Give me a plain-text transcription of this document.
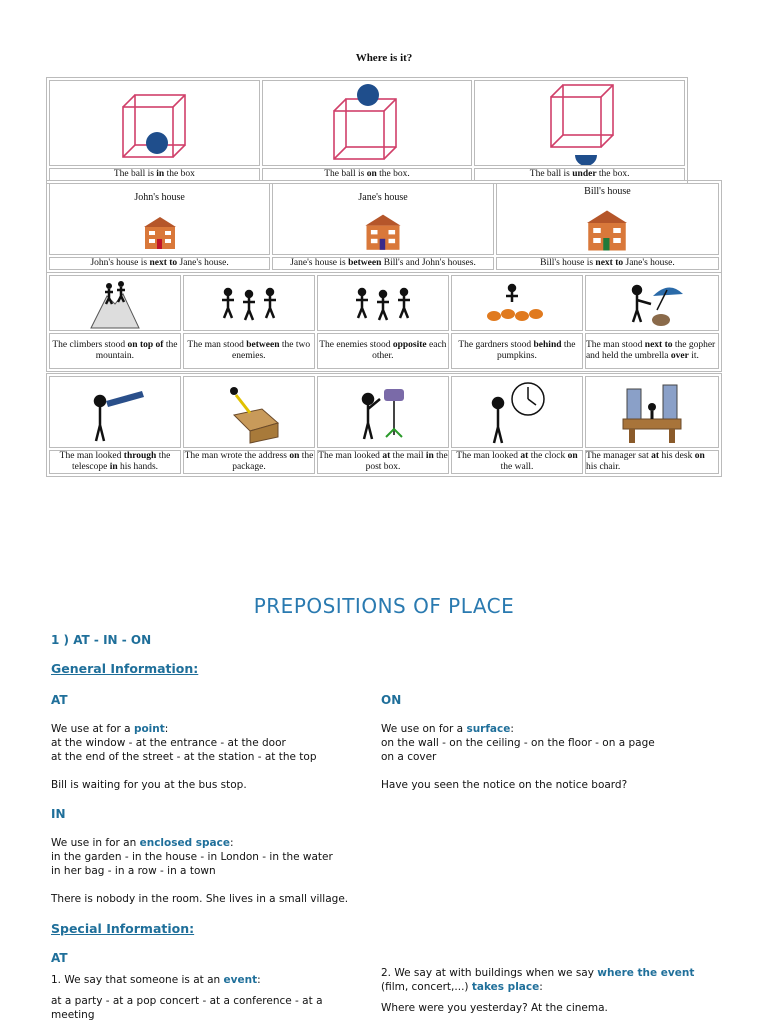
Where is it?

The ball is in the box	The ball is on the box.	The ball is under the box.
John's house	Jane's house	Bill's house

John's house is next to Jane's house.	Jane's house is between Bill's and John's houses.	Bill's house is next to Jane's house.

The climbers stood on top of the mountain.	The man stood between the two enemies.	The enemies stood opposite each other.	The gardners stood behind the pumpkins.	The man stood next to the gopher and held the umbrella over it.

The man looked through the telescope in his hands.	The man wrote the address on the package.	The man looked at the mail in the post box.	The man looked at the clock on the wall.	The manager sat at his desk on his chair.
PREPOSITIONS OF PLACE
1 ) AT - IN - ON
General Information:
AT
We use at for a point:
at the window - at the entrance - at the door
at the end of the street - at the station - at the top
Bill is waiting for you at the bus stop.
ON
We use on for a surface:
on the wall - on the ceiling - on the floor - on a page
on a cover
Have you seen the notice on the notice board?
IN
We use in for an enclosed space:
in the garden - in the house - in London - in the water
in her bag - in a row - in a town
There is nobody in the room. She lives in a small village.
Special Information:
AT
1. We say that someone is at an event:
at a party - at a pop concert - at a conference - at a meeting
2. We say at with buildings when we say where the event
(film, concert,...) takes place:
Where were you yesterday? At the cinema.
